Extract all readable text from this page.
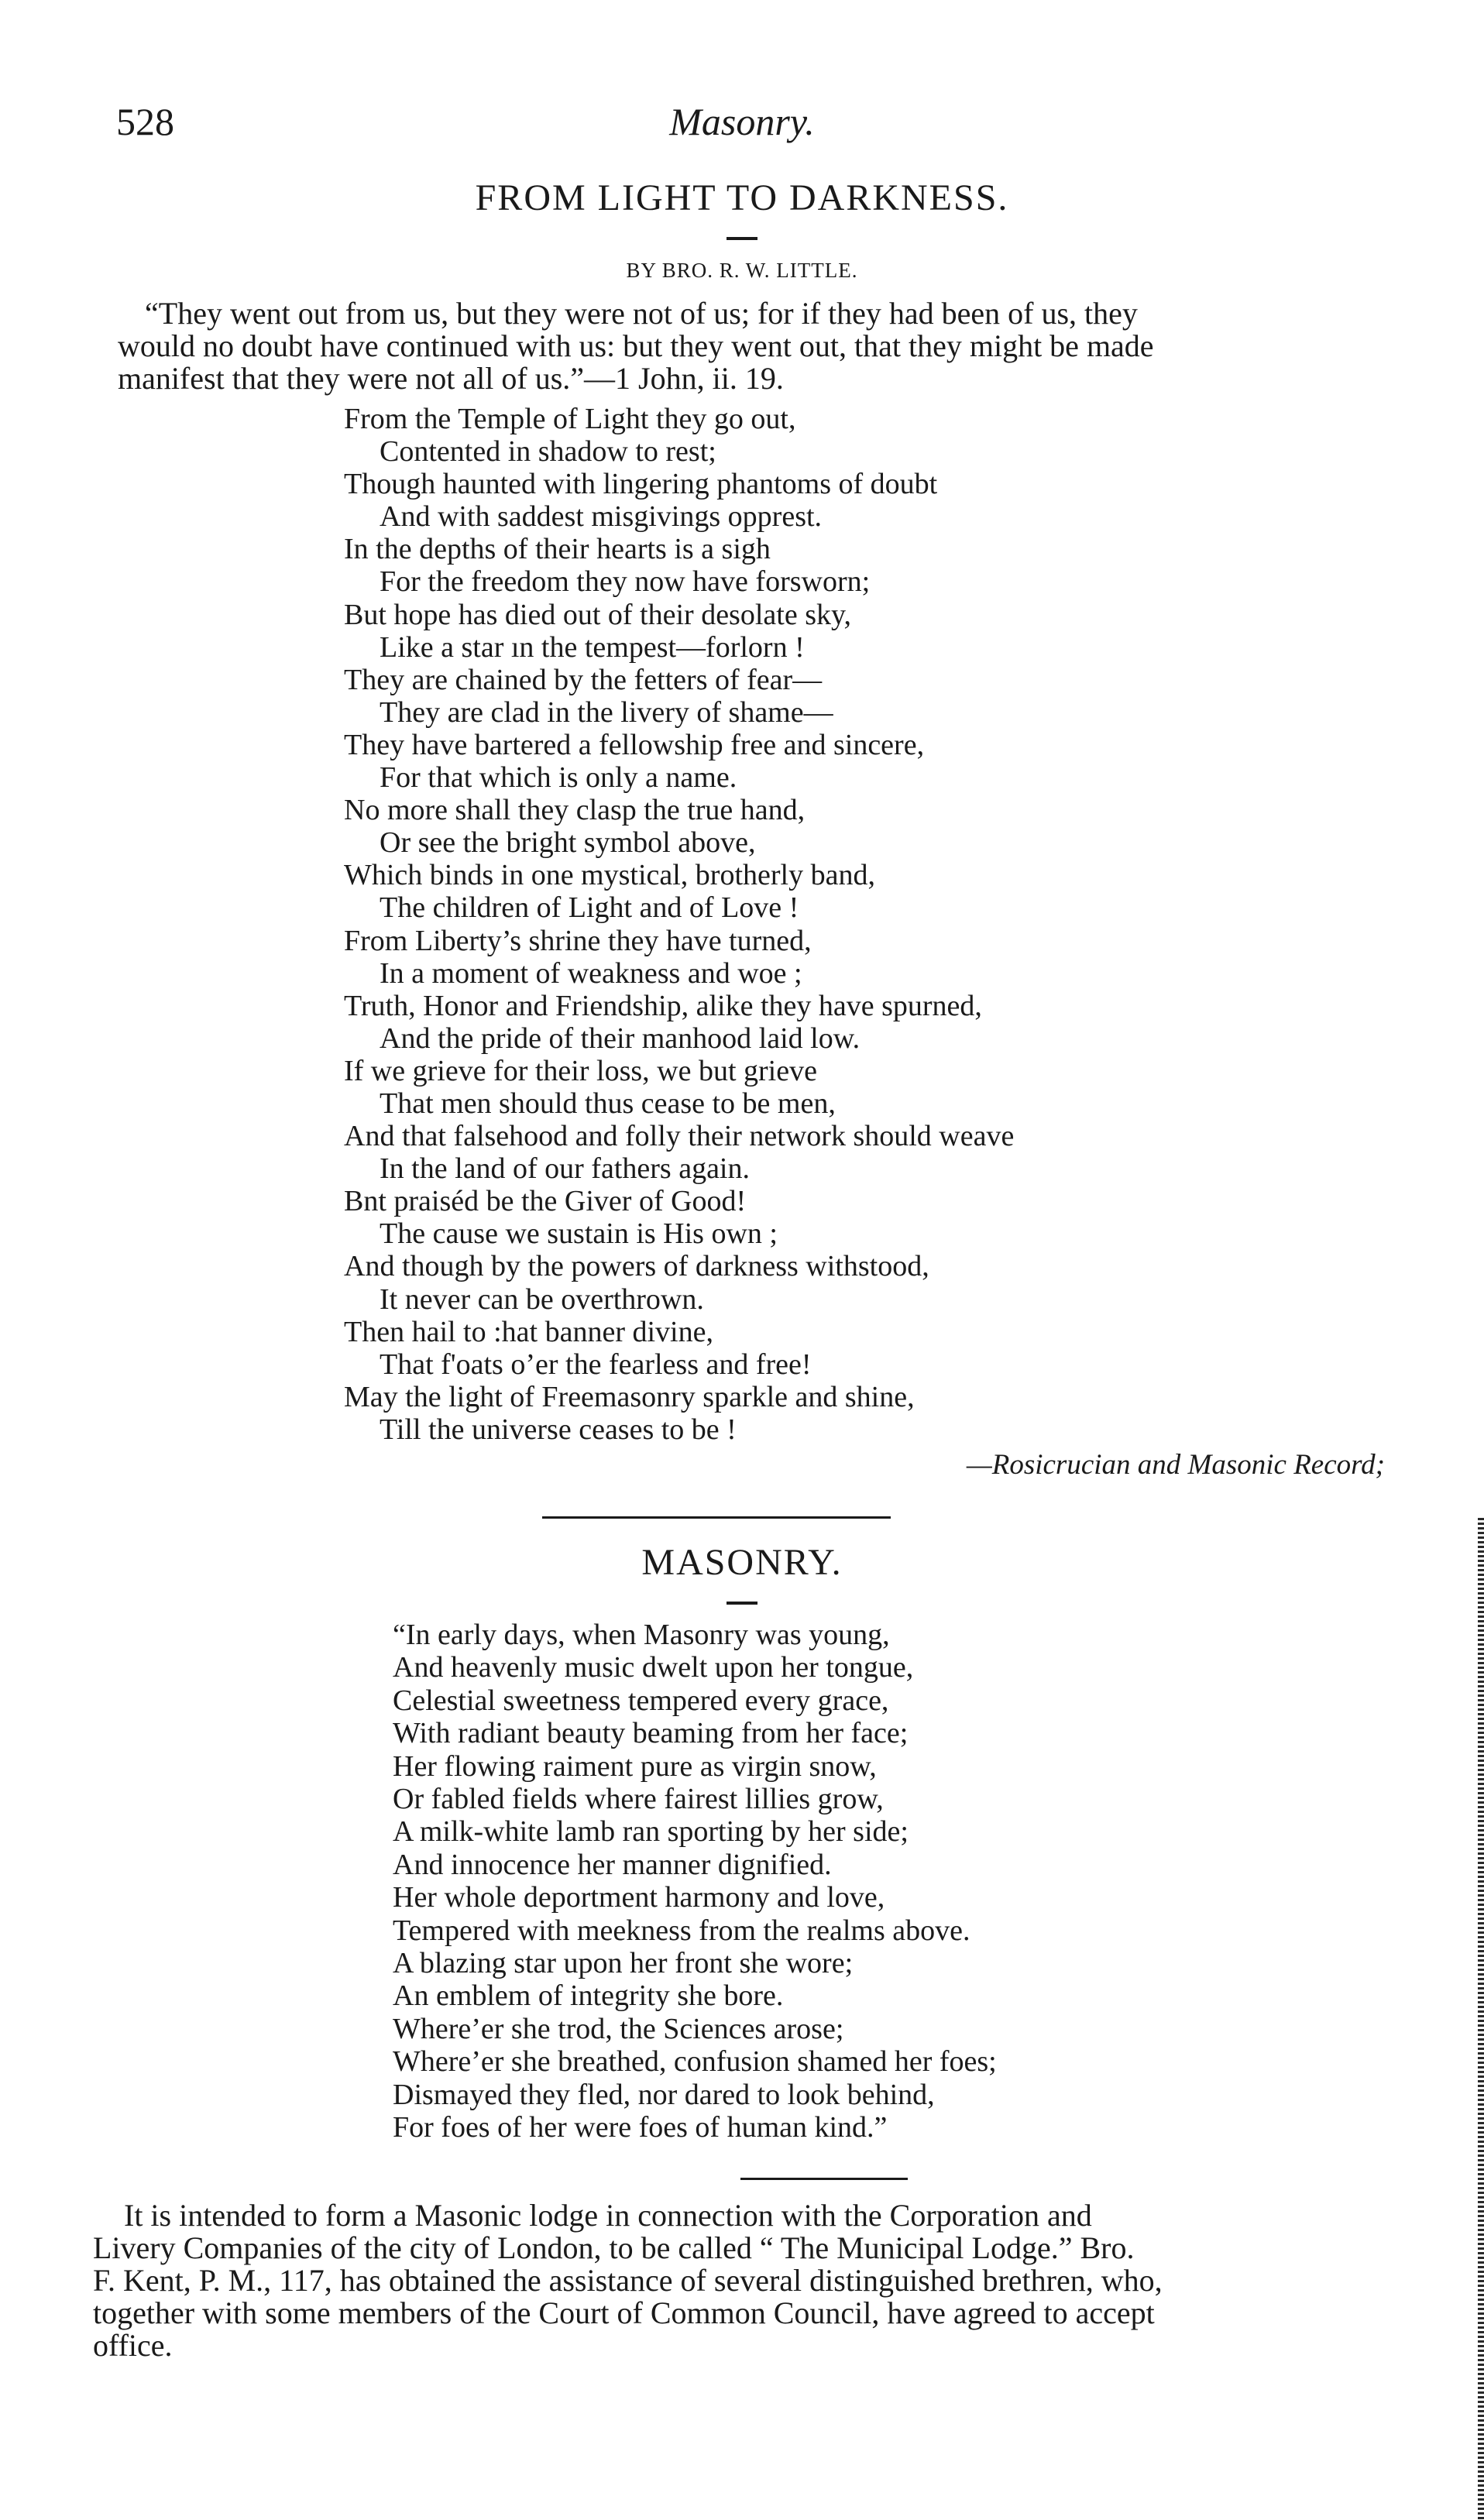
528	Masonry.
FROM LIGHT TO DARKNESS.
BY BRO. R. W. LITTLE.
“They went out from us, but they were not of us; for if they had been of us, they
would no doubt have continued with us: but they went out, that they might be made
manifest that they were not all of us.”—1 John, ii. 19.
From the Temple of Light they go out,
Contented in shadow to rest;
Though haunted with lingering phantoms of doubt
And with saddest misgivings opprest.
In the depths of their hearts is a sigh
For the freedom they now have forsworn;
But hope has died out of their desolate sky,
Like a star ın the tempest—forlorn !
They are chained by the fetters of fear—
They are clad in the livery of shame—
They have bartered a fellowship free and sincere,
For that which is only a name.
No more shall they clasp the true hand,
Or see the bright symbol above,
Which binds in one mystical, brotherly band,
The children of Light and of Love !
From Liberty’s shrine they have turned,
In a moment of weakness and woe ;
Truth, Honor and Friendship, alike they have spurned,
And the pride of their manhood laid low.
If we grieve for their loss, we but grieve
That men should thus cease to be men,
And that falsehood and folly their network should weave
In the land of our fathers again.
Bnt praiséd be the Giver of Good!
The cause we sustain is His own ;
And though by the powers of darkness withstood,
It never can be overthrown.
Then hail to :hat banner divine,
That f'oats o’er the fearless and free!
May the light of Freemasonry sparkle and shine,
Till the universe ceases to be !
—Rosicrucian and Masonic Record;
MASONRY.
“In early days, when Masonry was young,
And heavenly music dwelt upon her tongue,
Celestial sweetness tempered every grace,
With radiant beauty beaming from her face;
Her flowing raiment pure as virgin snow,
Or fabled fields where fairest lillies grow,
A milk-white lamb ran sporting by her side;
And innocence her manner dignified.
Her whole deportment harmony and love,
Tempered with meekness from the realms above.
A blazing star upon her front she wore;
An emblem of integrity she bore.
Where’er she trod, the Sciences arose;
Where’er she breathed, confusion shamed her foes;
Dismayed they fled, nor dared to look behind,
For foes of her were foes of human kind.”
It is intended to form a Masonic lodge in connection with the Corporation and
Livery Companies of the city of London, to be called “ The Municipal Lodge.” Bro.
F. Kent, P. M., 117, has obtained the assistance of several distinguished brethren, who,
together with some members of the Court of Common Council, have agreed to accept
office.
